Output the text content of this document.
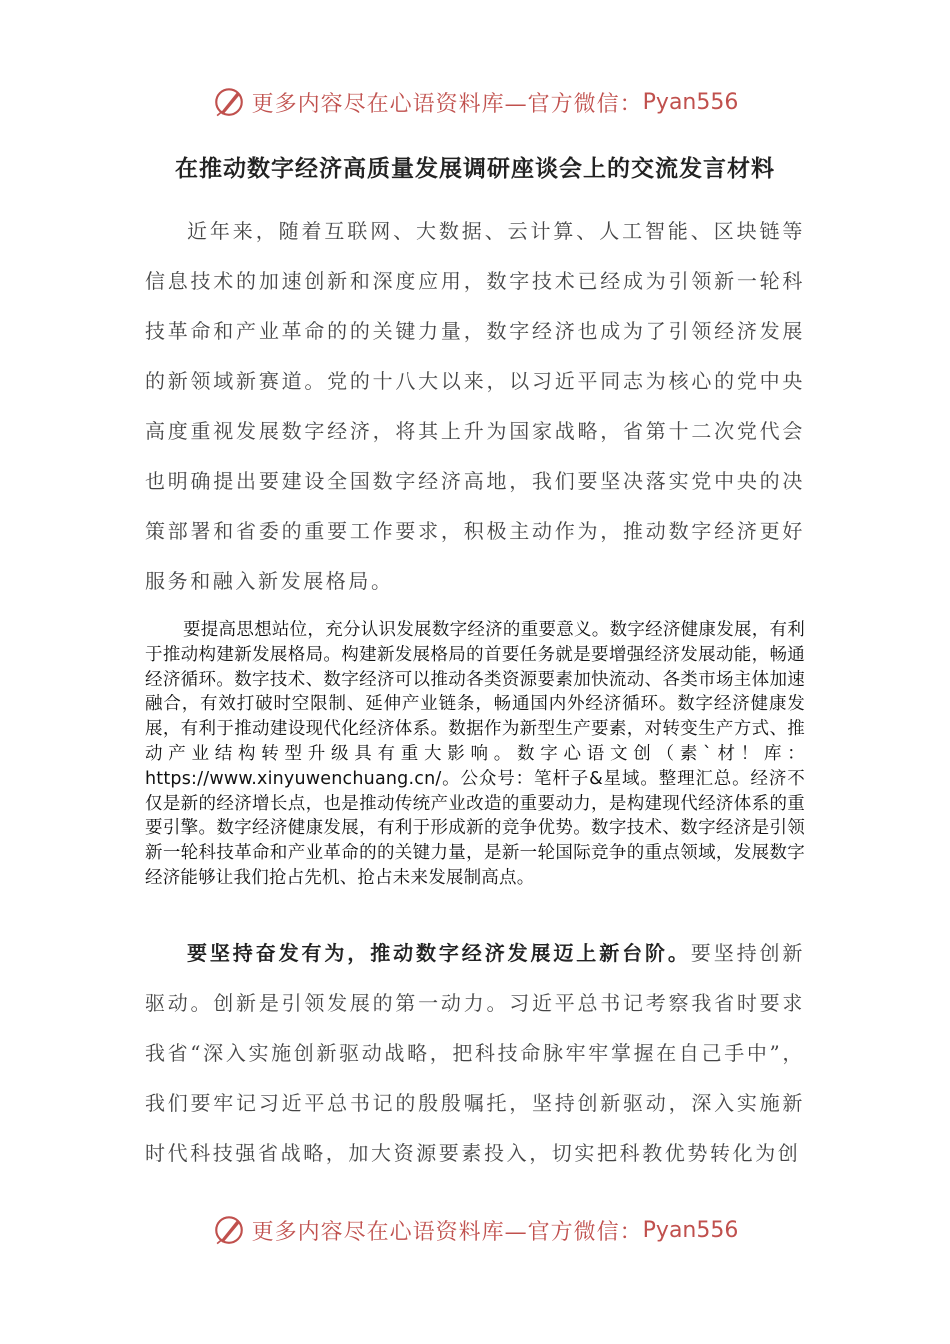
更多内容尽在心语资料库—官方微信： Pyan556
在推动数字经济高质量发展调研座谈会上的交流发言材料

近年来，随着互联网、大数据、云计算、人工智能、区块链等信息技术的加速创新和深度应用，数字技术已经成为引领新一轮科技革命和产业革命的的关键力量，数字经济也成为了引领经济发展的新领域新赛道。党的十八大以来，以习近平同志为核心的党中央高度重视发展数字经济，将其上升为国家战略，省第十二次党代会也明确提出要建设全国数字经济高地，我们要坚决落实党中央的决策部署和省委的重要工作要求，积极主动作为，推动数字经济更好服务和融入新发展格局。

要提高思想站位，充分认识发展数字经济的重要意义。数字经济健康发展，有利于推动构建新发展格局。构建新发展格局的首要任务就是要增强经济发展动能，畅通经济循环。数字技术、数字经济可以推动各类资源要素加快流动、各类市场主体加速融合，有效打破时空限制、延伸产业链条，畅通国内外经济循环。数字经济健康发展，有利于推动建设现代化经济体系。数据作为新型生产要素，对转变生产方式、推动产业结构转型升级具有重大影响。数字心语文创（素`材！库：https://www.xinyuwenchuang.cn/。公众号：笔杆子&星域。整理汇总。经济不仅是新的经济增长点，也是推动传统产业改造的重要动力，是构建现代经济体系的重要引擎。数字经济健康发展，有利于形成新的竞争优势。数字技术、数字经济是引领新一轮科技革命和产业革命的的关键力量，是新一轮国际竞争的重点领域，发展数字经济能够让我们抢占先机、抢占未来发展制高点。

要坚持奋发有为，推动数字经济发展迈上新台阶。要坚持创新驱动。创新是引领发展的第一动力。习近平总书记考察我省时要求我省“深入实施创新驱动战略，把科技命脉牢牢掌握在自己手中”，我们要牢记习近平总书记的殷殷嘱托，坚持创新驱动，深入实施新时代科技强省战略，加大资源要素投入，切实把科教优势转化为创

更多内容尽在心语资料库—官方微信： Pyan556
